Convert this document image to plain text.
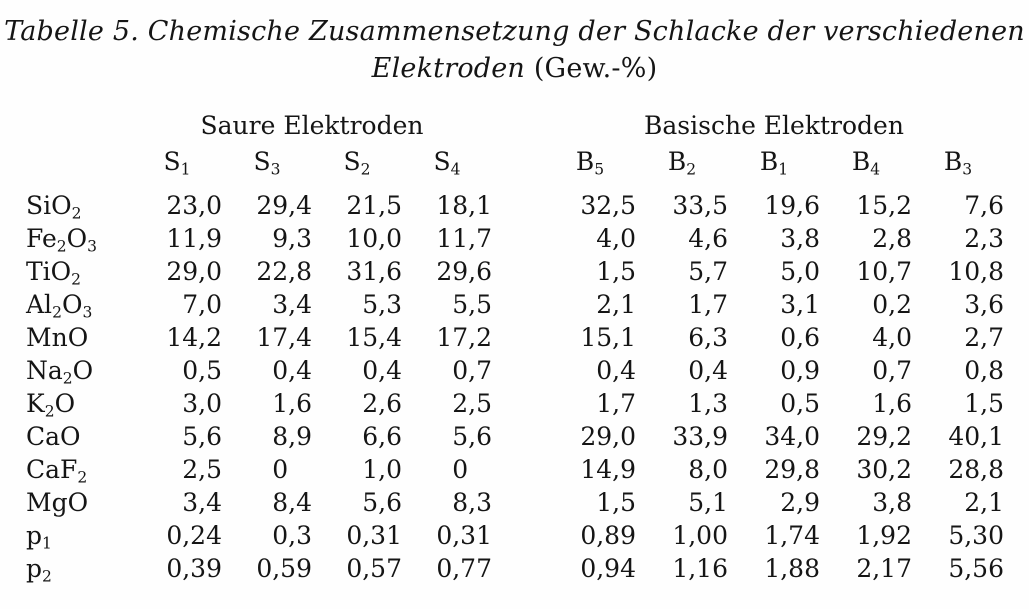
Tabelle 5. Chemische Zusammensetzung der Schlacke der verschiedenen
Elektroden (Gew.-%)
	Saure Elektroden					Basische Elektroden				
	$S_1$	$S_3$	$S_2$	$S_4$		$B_5$	$B_2$	$B_1$	$B_4$	$B_3$
SiO$_2$	23,0	29,4	21,5	18,1		32,5	33,5	19,6	15,2	7,6
$Fe_2O_3$	11,9	9,3	10,0	11,7		4,0	4,6	3,8	2,8	2,3
TiO$_2$	29,0	22,8	31,6	29,6		1,5	5,7	5,0	10,7	10,8
$Al_2O_3$	7,0	3,4	5,3	5,5		2,1	1,7	3,1	0,2	3,6
MnO	14,2	17,4	15,4	17,2		15,1	6,3	0,6	4,0	2,7
$Na_2O$	0,5	0,4	0,4	0,7		0,4	0,4	0,9	0,7	0,8
$K_2O$	3,0	1,6	2,6	2,5		1,7	1,3	0,5	1,6	1,5
CaO	5,6	8,9	6,6	5,6		29,0	33,9	34,0	29,2	40,1
CaF$_2$	2,5	0	1,0	0		14,9	8,0	29,8	30,2	28,8
MgO	3,4	8,4	5,6	8,3		1,5	5,1	2,9	3,8	2,1
$p_1$	0,24	0,3	0,31	0,31		0,89	1,00	1,74	1,92	5,30
$p_2$	0,39	0,59	0,57	0,77		0,94	1,16	1,88	2,17	5,56
